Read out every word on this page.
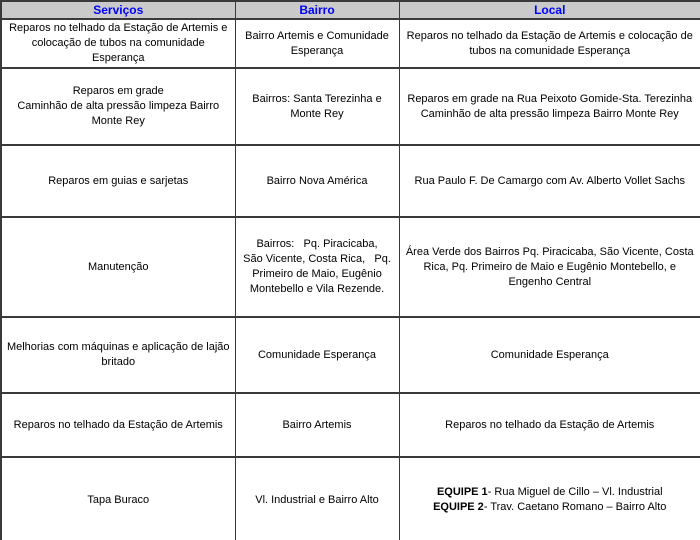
Serviços	Bairro	Local
Reparos no telhado da Estação de Artemis e
colocação de tubos na comunidade
Esperança	Bairro Artemis e Comunidade
Esperança	Reparos no telhado da Estação de Artemis e colocação de
tubos na comunidade Esperança
Reparos em grade
Caminhão de alta pressão limpeza Bairro
Monte Rey	Bairros: Santa Terezinha e
Monte Rey	Reparos em grade na Rua Peixoto Gomide-Sta. Terezinha
Caminhão de alta pressão limpeza Bairro Monte Rey
Reparos em guias e sarjetas	Bairro Nova América	Rua Paulo F. De Camargo com Av. Alberto Vollet Sachs
Manutenção	Bairros:   Pq. Piracicaba,
São Vicente, Costa Rica,   Pq.
Primeiro de Maio, Eugênio
Montebello e Vila Rezende.	Área Verde dos Bairros Pq. Piracicaba, São Vicente, Costa
Rica, Pq. Primeiro de Maio e Eugênio Montebello, e
Engenho Central
Melhorias com máquinas e aplicação de lajão
britado	Comunidade Esperança	Comunidade Esperança
Reparos no telhado da Estação de Artemis	Bairro Artemis	Reparos no telhado da Estação de Artemis
Tapa Buraco	Vl. Industrial e Bairro Alto	EQUIPE 1- Rua Miguel de Cillo – Vl. Industrial
EQUIPE 2- Trav. Caetano Romano – Bairro Alto
